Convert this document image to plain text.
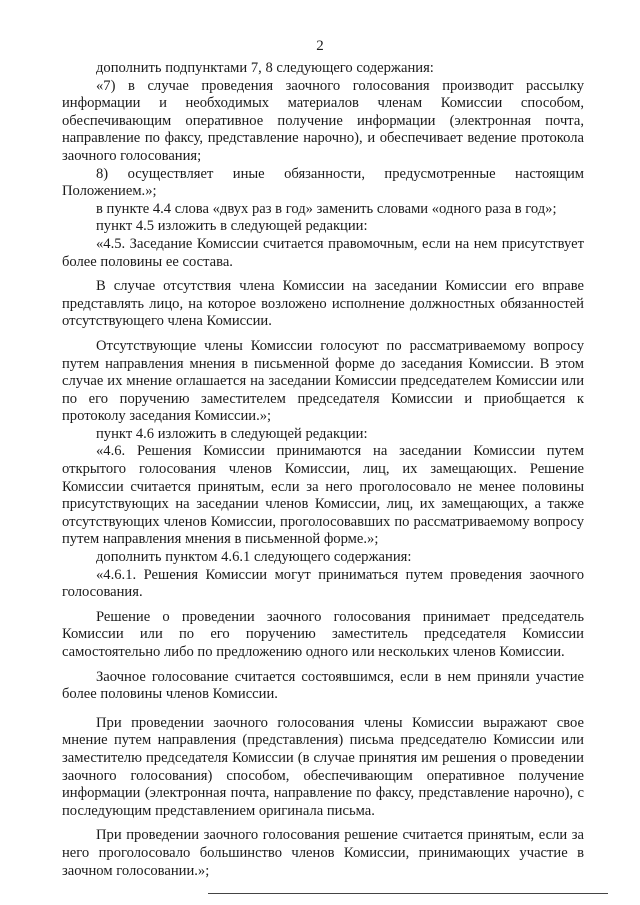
2

дополнить подпунктами 7, 8 следующего содержания:

«7) в случае проведения заочного голосования производит рассылку информации и необходимых материалов членам Комиссии способом, обеспечивающим оперативное получение информации (электронная почта, направление по факсу, представление нарочно), и обеспечивает ведение протокола заочного голосования;

8) осуществляет иные обязанности, предусмотренные настоящим Положением.»;

в пункте 4.4 слова «двух раз в год» заменить словами «одного раза в год»;

пункт 4.5 изложить в следующей редакции:

«4.5. Заседание Комиссии считается правомочным, если на нем присутствует более половины ее состава.

В случае отсутствия члена Комиссии на заседании Комиссии его вправе представлять лицо, на которое возложено исполнение должностных обязанностей отсутствующего члена Комиссии.

Отсутствующие члены Комиссии голосуют по рассматриваемому вопросу путем направления мнения в письменной форме до заседания Комиссии. В этом случае их мнение оглашается на заседании Комиссии председателем Комиссии или по его поручению заместителем председателя Комиссии и приобщается к протоколу заседания Комиссии.»;

пункт 4.6 изложить в следующей редакции:

«4.6. Решения Комиссии принимаются на заседании Комиссии путем открытого голосования членов Комиссии, лиц, их замещающих. Решение Комиссии считается принятым, если за него проголосовало не менее половины присутствующих на заседании членов Комиссии, лиц, их замещающих, а также отсутствующих членов Комиссии, проголосовавших по рассматриваемому вопросу путем направления мнения в письменной форме.»;

дополнить пунктом 4.6.1 следующего содержания:

«4.6.1. Решения Комиссии могут приниматься путем проведения заочного голосования.

Решение о проведении заочного голосования принимает председатель Комиссии или по его поручению заместитель председателя Комиссии самостоятельно либо по предложению одного или нескольких членов Комиссии.

Заочное голосование считается состоявшимся, если в нем приняли участие более половины членов Комиссии.

При проведении заочного голосования члены Комиссии выражают свое мнение путем направления (представления) письма председателю Комиссии или заместителю председателя Комиссии (в случае принятия им решения о проведении заочного голосования) способом, обеспечивающим оперативное получение информации (электронная почта, направление по факсу, представление нарочно), с последующим представлением оригинала письма.

При проведении заочного голосования решение считается принятым, если за него проголосовало большинство членов Комиссии, принимающих участие в заочном голосовании.»;
